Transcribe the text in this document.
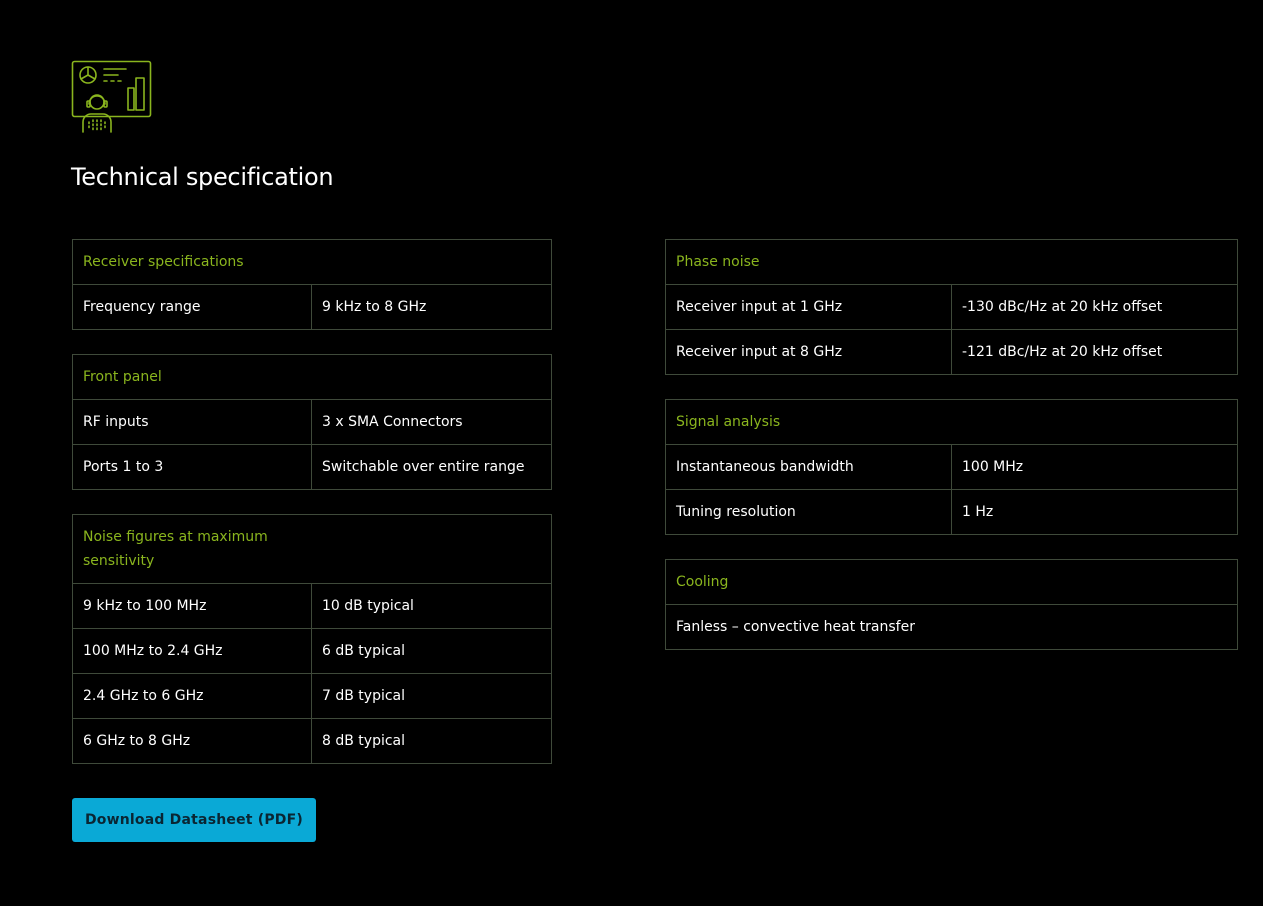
Technical specification
Receiver specifications
Frequency range	9 kHz to 8 GHz
Front panel	
RF inputs	3 x SMA Connectors
Ports 1 to 3	Switchable over entire range
Noise figures at maximum sensitivity	
9 kHz to 100 MHz	10 dB typical
100 MHz to 2.4 GHz	6 dB typical
2.4 GHz to 6 GHz	7 dB typical
6 GHz to 8 GHz	8 dB typical
Phase noise	
Receiver input at 1 GHz	-130 dBc/Hz at 20 kHz offset
Receiver input at 8 GHz	-121 dBc/Hz at 20 kHz offset
Signal analysis	
Instantaneous bandwidth	100 MHz
Tuning resolution	1 Hz
Cooling
Fanless – convective heat transfer
Download Datasheet (PDF)
